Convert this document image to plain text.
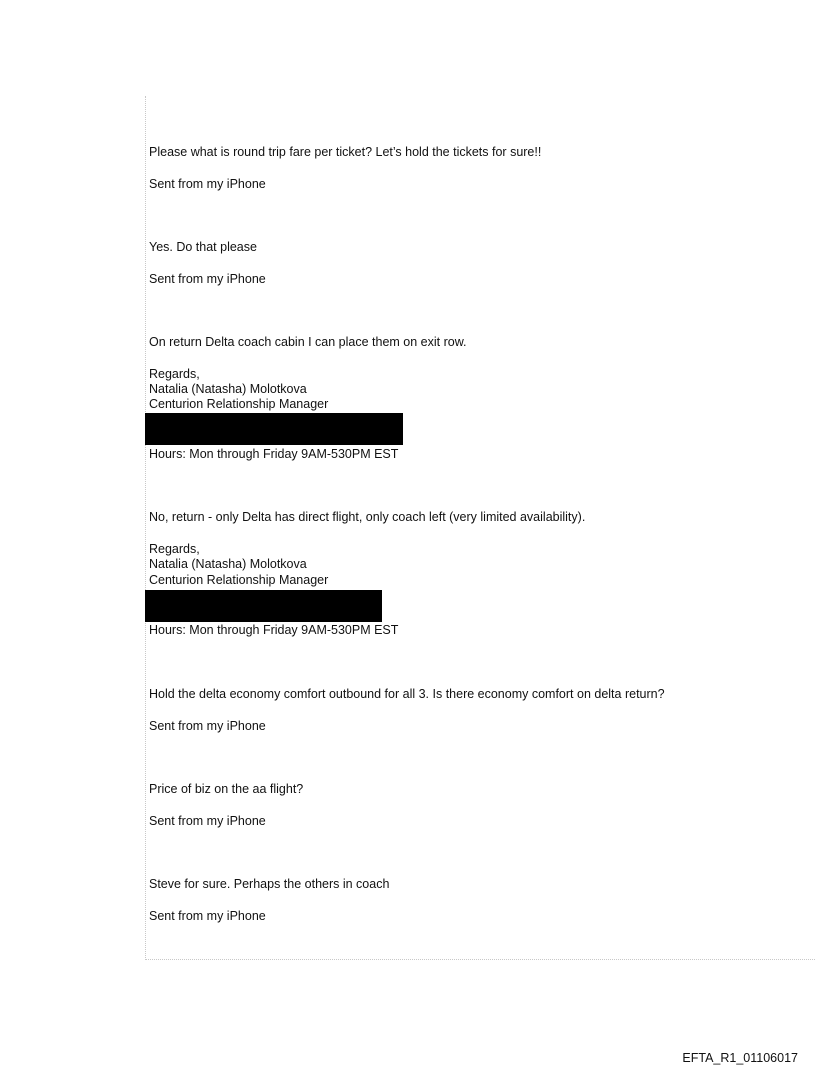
Please what is round trip fare per ticket? Let’s hold the tickets for sure!!

Sent from my iPhone

Yes. Do that please

Sent from my iPhone

On return Delta coach cabin I can place them on exit row.

Regards,

Natalia (Natasha) Molotkova

Centurion Relationship Manager

Hours: Mon through Friday 9AM-530PM EST

No, return - only Delta has direct flight, only coach left (very limited availability).

Regards,

Natalia (Natasha) Molotkova

Centurion Relationship Manager

Hours: Mon through Friday 9AM-530PM EST

Hold the delta economy comfort outbound for all 3. Is there economy comfort on delta return?

Sent from my iPhone

Price of biz on the aa flight?

Sent from my iPhone

Steve for sure. Perhaps the others in coach

Sent from my iPhone

EFTA_R1_01106017
